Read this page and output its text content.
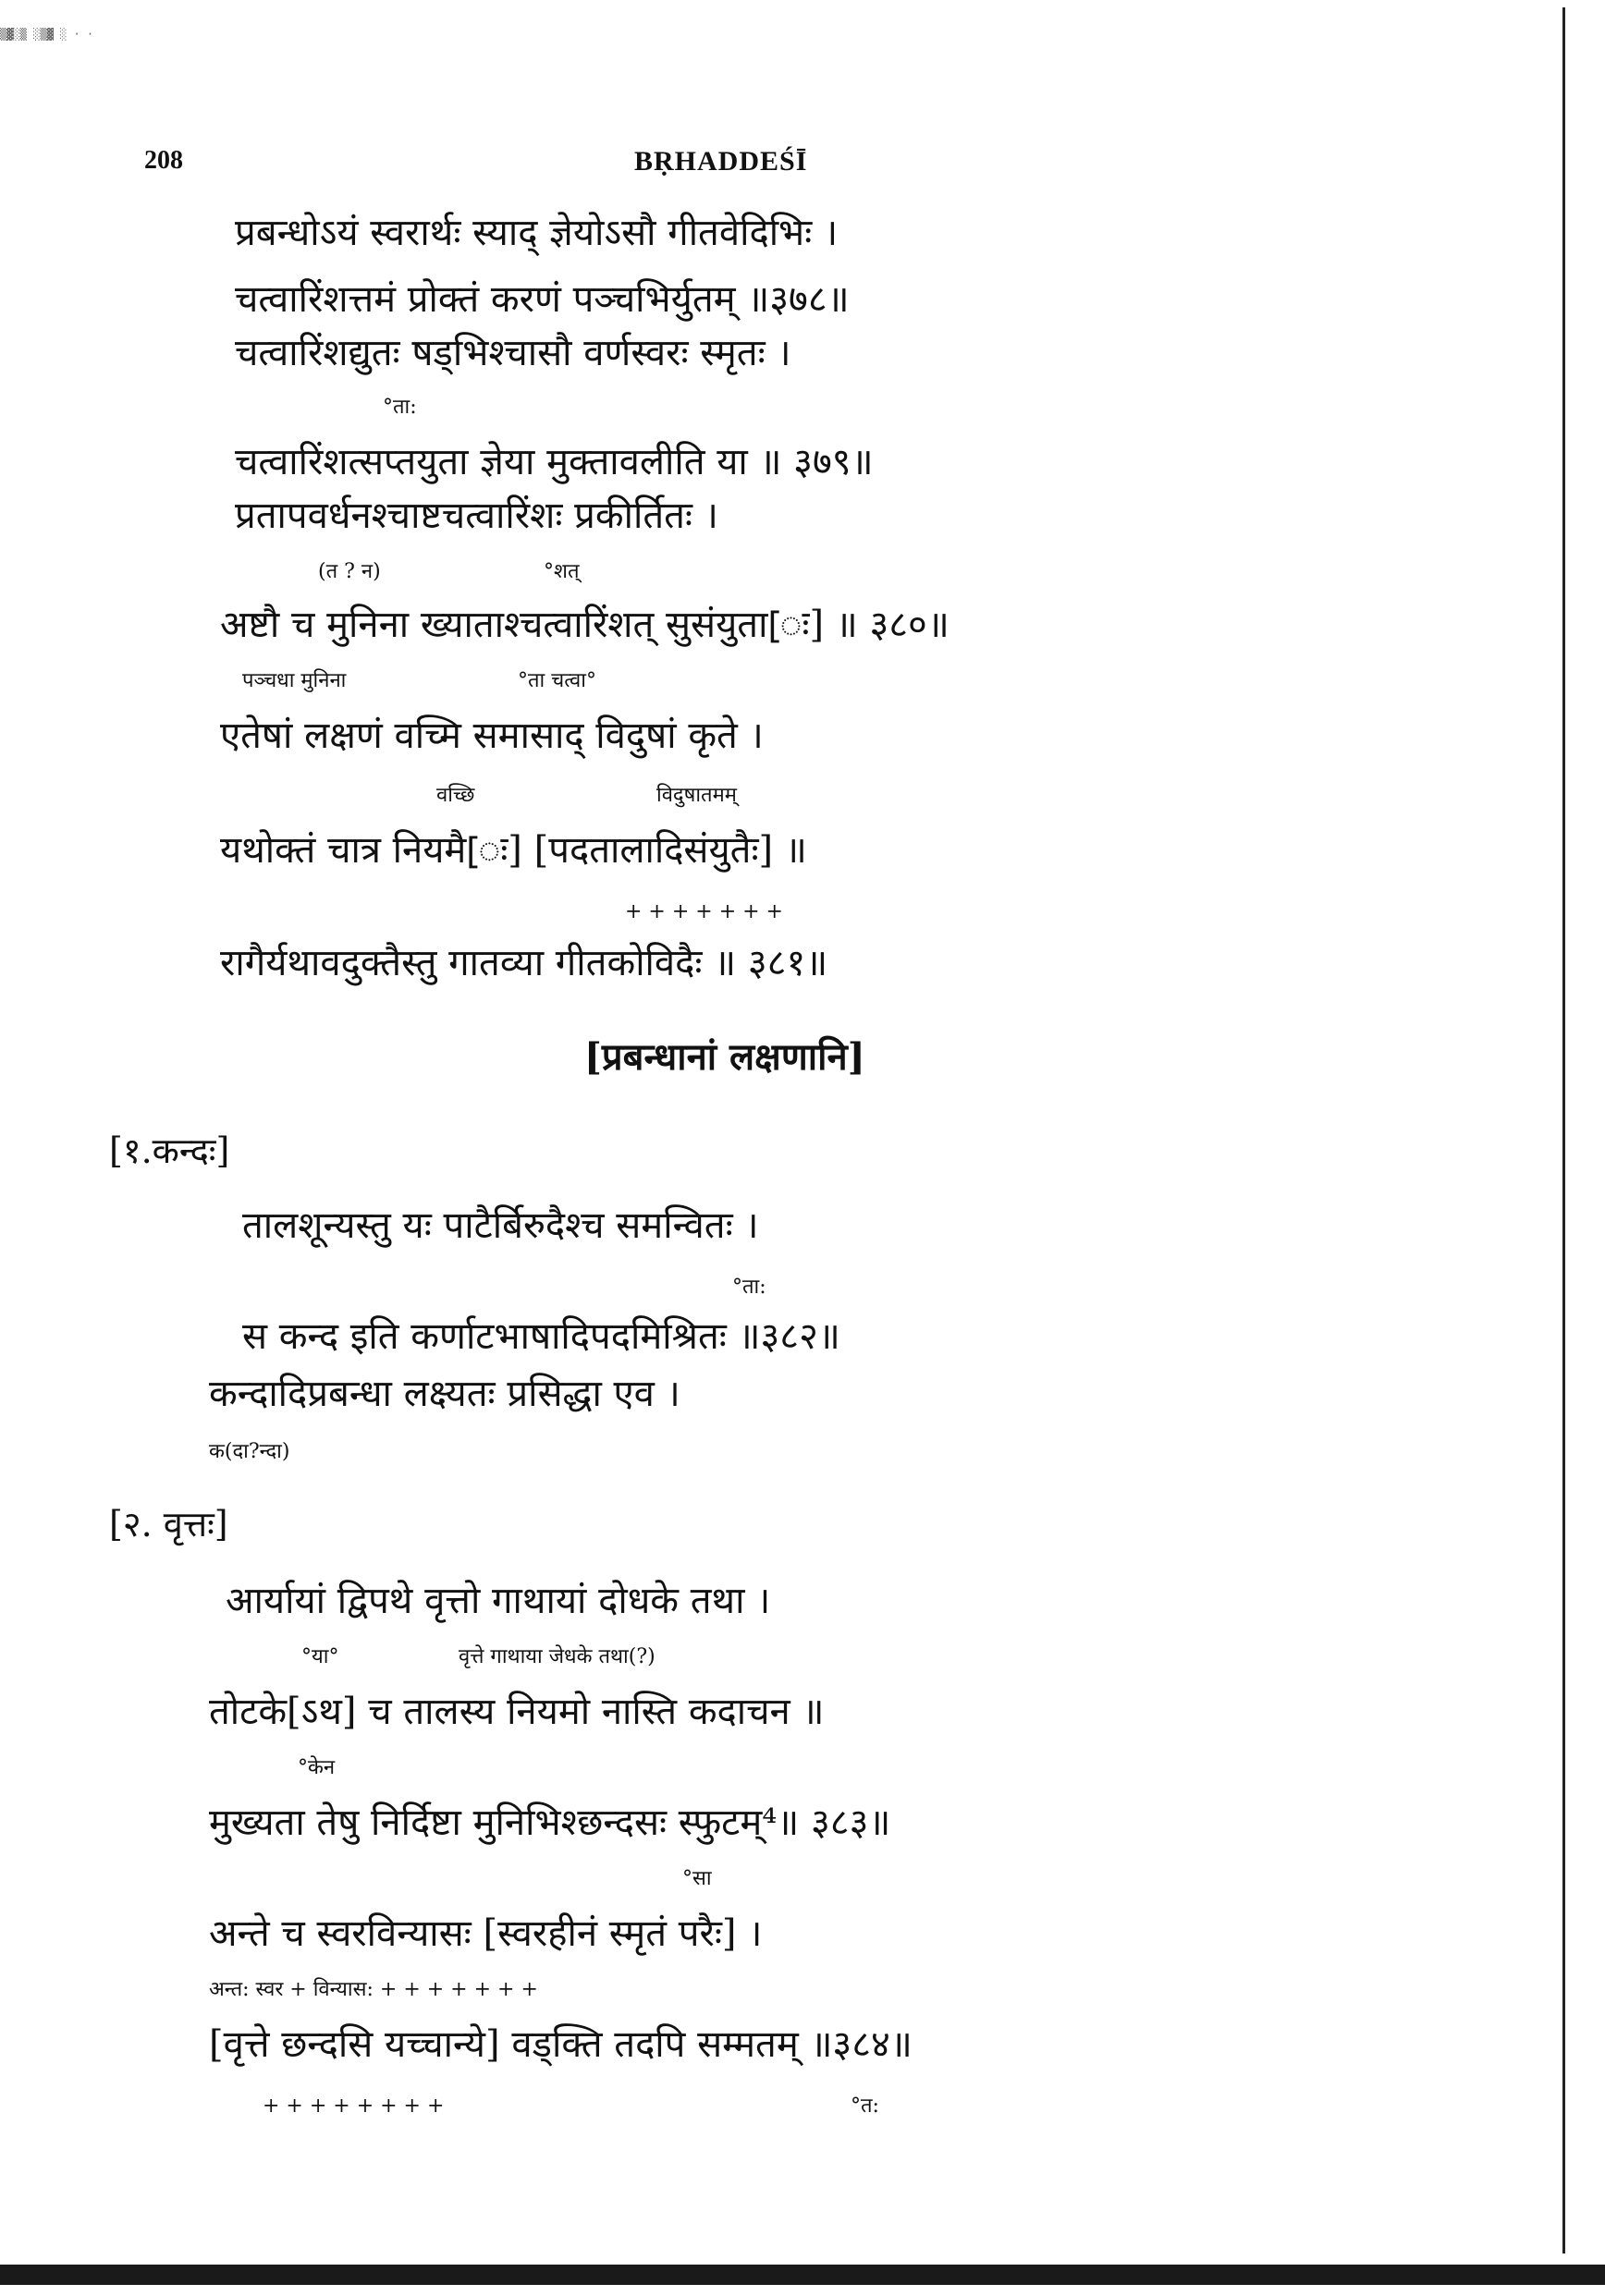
▒▓░▒ ░▒▓ ░ · ·
208	BṚHADDEŚĪ
प्रबन्धोऽयं स्वरार्थः स्याद् ज्ञेयोऽसौ गीतवेदिभिः ।
चत्वारिंशत्तमं प्रोक्तं करणं पञ्चभिर्युतम् ॥३७८॥
चत्वारिंशद्युतः षड्भिश्चासौ वर्णस्वरः स्मृतः ।
°ता:
चत्वारिंशत्सप्तयुता ज्ञेया मुक्तावलीति या ॥ ३७९॥
प्रतापवर्धनश्चाष्टचत्वारिंशः प्रकीर्तितः ।
(त ? न)	°शत्
अष्टौ च मुनिना ख्याताश्चत्वारिंशत् सुसंयुता[ः] ॥ ३८०॥
पञ्चधा मुनिना	°ता चत्वा°
एतेषां लक्षणं वच्मि समासाद् विदुषां कृते ।
वच्छि	विदुषातमम्
यथोक्तं चात्र नियमै[ः] [पदतालादिसंयुतैः] ॥
+ + + + + + +
रागैर्यथावदुक्तैस्तु गातव्या गीतकोविदैः ॥ ३८१॥
[प्रबन्धानां लक्षणानि]
[१.कन्दः]
तालशून्यस्तु यः पाटैर्बिरुदैश्च समन्वितः ।
°ता:
स कन्द इति कर्णाटभाषादिपदमिश्रितः ॥३८२॥
कन्दादिप्रबन्धा लक्ष्यतः प्रसिद्धा एव ।
क(दा?न्दा)
[२. वृत्तः]
आर्यायां द्विपथे वृत्तो गाथायां दोधके तथा ।
°या°	वृत्ते गाथाया जेधके तथा(?)
तोटके[ऽथ] च तालस्य नियमो नास्ति कदाचन ॥
°केन
मुख्यता तेषु निर्दिष्टा मुनिभिश्छन्दसः स्फुटम्⁴॥ ३८३॥
°सा
अन्ते च स्वरविन्यासः [स्वरहीनं स्मृतं परैः] ।
अन्त: स्वर + विन्यास: + + + + + + +
[वृत्ते छन्दसि यच्चान्ये] वड्क्ति तदपि सम्मतम् ॥३८४॥
+ + + + + + + +	°त:
